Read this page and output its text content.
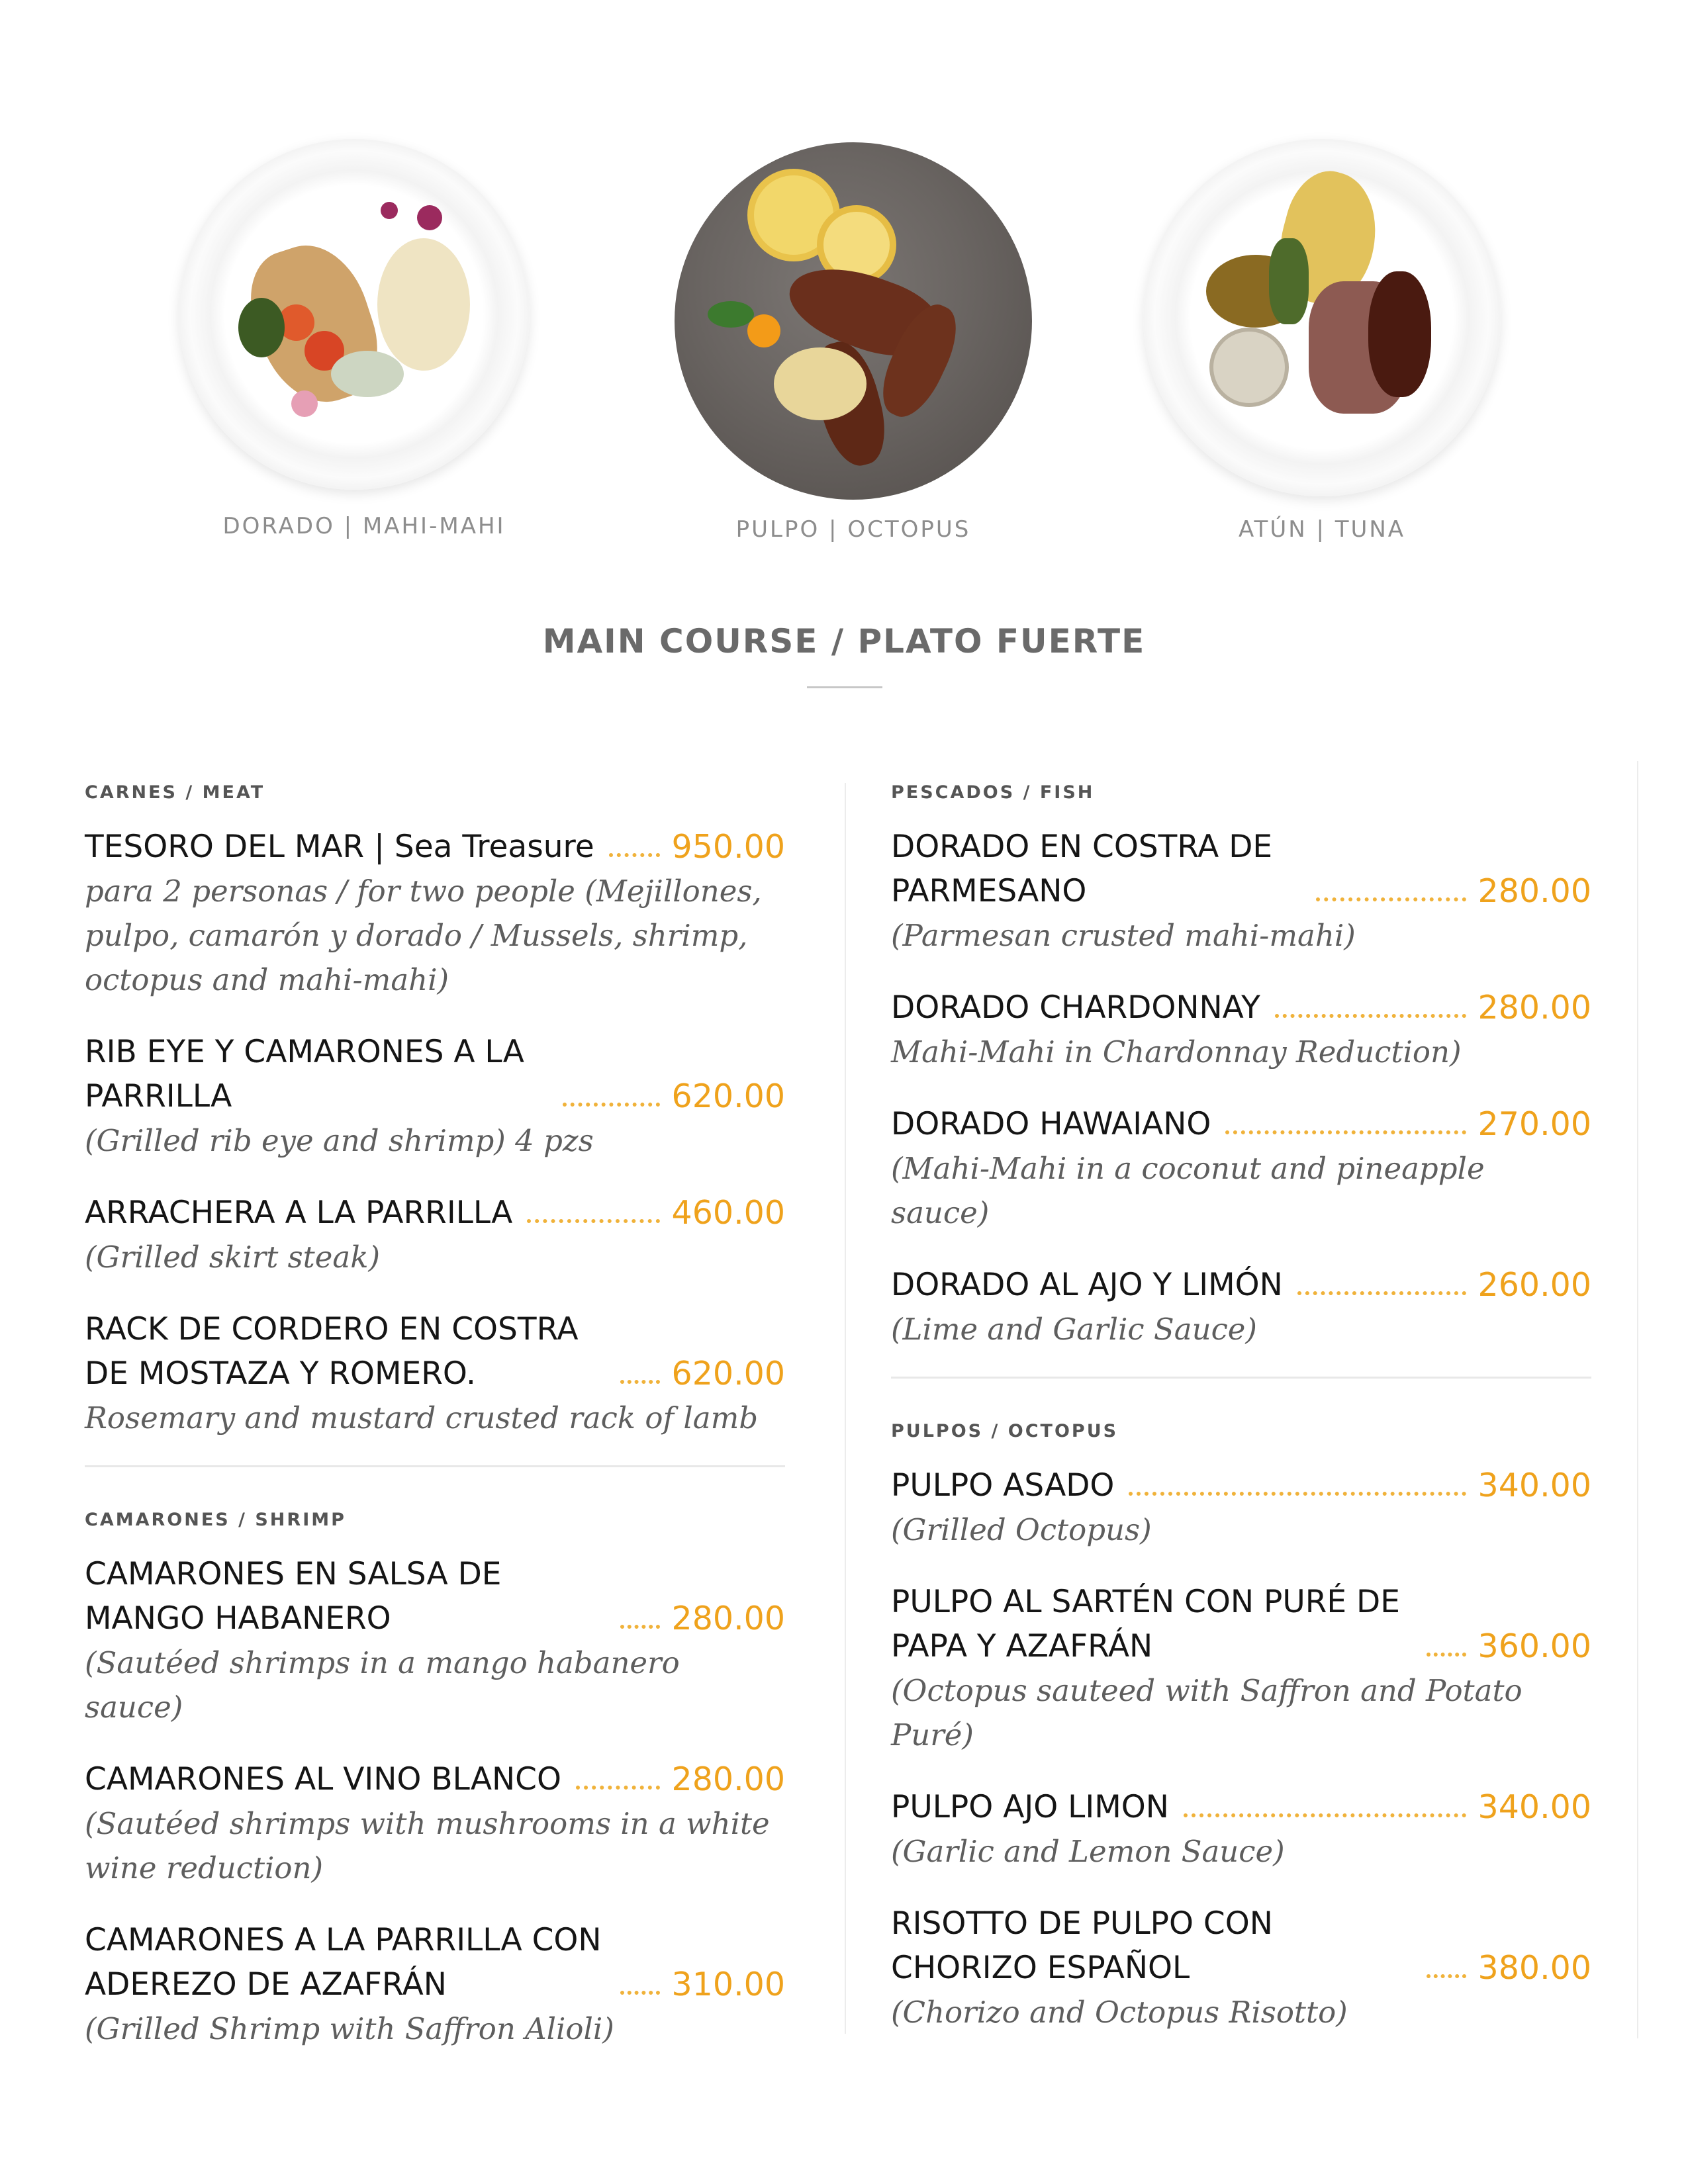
DORADO | MAHI-MAHI	PULPO | OCTOPUS	ATÚN | TUNA
MAIN COURSE / PLATO FUERTE
CARNES / MEAT
TESORO DEL MAR | Sea Treasure 950.00
para 2 personas / for two people (Mejillones, pulpo, camarón y dorado / Mussels, shrimp, octopus and mahi-mahi)
RIB EYE Y CAMARONES A LA PARRILLA	620.00
(Grilled rib eye and shrimp) 4 pzs
ARRACHERA A LA PARRILLA	460.00
(Grilled skirt steak)
RACK DE CORDERO EN COSTRA DE MOSTAZA Y ROMERO.	620.00
Rosemary and mustard crusted rack of lamb
CAMARONES / SHRIMP
CAMARONES EN SALSA DE MANGO HABANERO	280.00
(Sautéed shrimps in a mango habanero sauce)
CAMARONES AL VINO BLANCO	280.00
(Sautéed shrimps with mushrooms in a white wine reduction)
CAMARONES A LA PARRILLA CON ADEREZO DE AZAFRÁN	310.00
(Grilled Shrimp with Saffron Alioli)
PESCADOS / FISH
DORADO EN COSTRA DE PARMESANO	280.00
(Parmesan crusted mahi-mahi)
DORADO CHARDONNAY	280.00
Mahi-Mahi in Chardonnay Reduction)
DORADO HAWAIANO	270.00
(Mahi-Mahi in a coconut and pineapple sauce)
DORADO AL AJO Y LIMÓN	260.00
(Lime and Garlic Sauce)
PULPOS / OCTOPUS
PULPO ASADO	340.00
(Grilled Octopus)
PULPO AL SARTÉN CON PURÉ DE PAPA Y AZAFRÁN	360.00
(Octopus sauteed with Saffron and Potato Puré)
PULPO AJO LIMON	340.00
(Garlic and Lemon Sauce)
RISOTTO DE PULPO CON CHORIZO ESPAÑOL	380.00
(Chorizo and Octopus Risotto)
